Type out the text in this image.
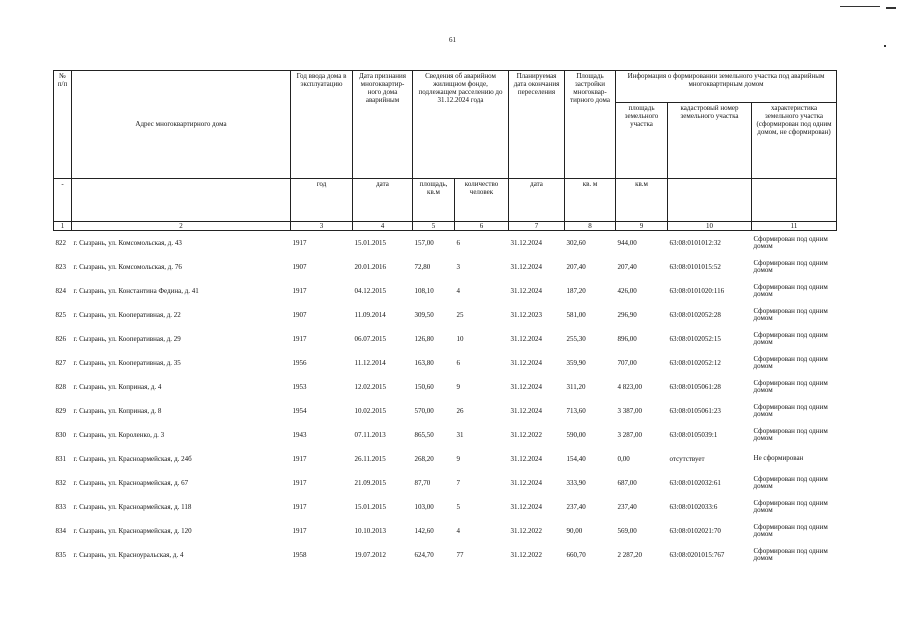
61
№ п/п	Адрес многоквартирного дома	Год ввода дома в эксплуатацию	Дата признания многоквартир-ного дома аварийным	Сведения об аварийном жилищном фонде, подлежащем расселению до 31.12.2024 года		Планируемая дата окончания переселения	Площадь застройки многоквар-тирного дома	Информация о формировании земельного участка под аварийным многоквартирным домом		
								площадь земельного участка	кадастровый номер земельного участка	характеристика земельного участка (сформирован под одним домом, не сформирован)
-		год	дата	площадь, кв.м	количество человек	дата	кв. м	кв.м		
1	2	3	4	5	6	7	8	9	10	11
822	г. Сызрань, ул. Комсомольская, д. 43	1917	15.01.2015	157,00	6	31.12.2024	302,60	944,00	63:08:0101012:32	Сформирован под одним домом
823	г. Сызрань, ул. Комсомольская, д. 76	1907	20.01.2016	72,80	3	31.12.2024	207,40	207,40	63:08:0101015:52	Сформирован под одним домом
824	г. Сызрань, ул. Константина Федина, д. 41	1917	04.12.2015	108,10	4	31.12.2024	187,20	426,00	63:08:0101020:116	Сформирован под одним домом
825	г. Сызрань, ул. Кооперативная, д. 22	1907	11.09.2014	309,50	25	31.12.2023	581,00	296,90	63:08:0102052:28	Сформирован под одним домом
826	г. Сызрань, ул. Кооперативная, д. 29	1917	06.07.2015	126,80	10	31.12.2024	255,30	896,00	63:08:0102052:15	Сформирован под одним домом
827	г. Сызрань, ул. Кооперативная, д. 35	1956	11.12.2014	163,80	6	31.12.2024	359,90	707,00	63:08:0102052:12	Сформирован под одним домом
828	г. Сызрань, ул. Коприная, д. 4	1953	12.02.2015	150,60	9	31.12.2024	311,20	4 823,00	63:08:0105061:28	Сформирован под одним домом
829	г. Сызрань, ул. Коприная, д. 8	1954	10.02.2015	570,00	26	31.12.2024	713,60	3 387,00	63:08:0105061:23	Сформирован под одним домом
830	г. Сызрань, ул. Короленко, д. 3	1943	07.11.2013	865,50	31	31.12.2022	590,00	3 287,00	63:08:0105039:1	Сформирован под одним домом
831	г. Сызрань, ул. Красноармейская, д. 24б	1917	26.11.2015	268,20	9	31.12.2024	154,40	0,00	отсутствует	Не сформирован
832	г. Сызрань, ул. Красноармейская, д. 67	1917	21.09.2015	87,70	7	31.12.2024	333,90	687,00	63:08:0102032:61	Сформирован под одним домом
833	г. Сызрань, ул. Красноармейская, д. 118	1917	15.01.2015	103,00	5	31.12.2024	237,40	237,40	63:08:0102033:6	Сформирован под одним домом
834	г. Сызрань, ул. Красноармейская, д. 120	1917	10.10.2013	142,60	4	31.12.2022	90,00	569,00	63:08:0102021:70	Сформирован под одним домом
835	г. Сызрань, ул. Красноуральская, д. 4	1958	19.07.2012	624,70	77	31.12.2022	660,70	2 287,20	63:08:0201015:767	Сформирован под одним домом
